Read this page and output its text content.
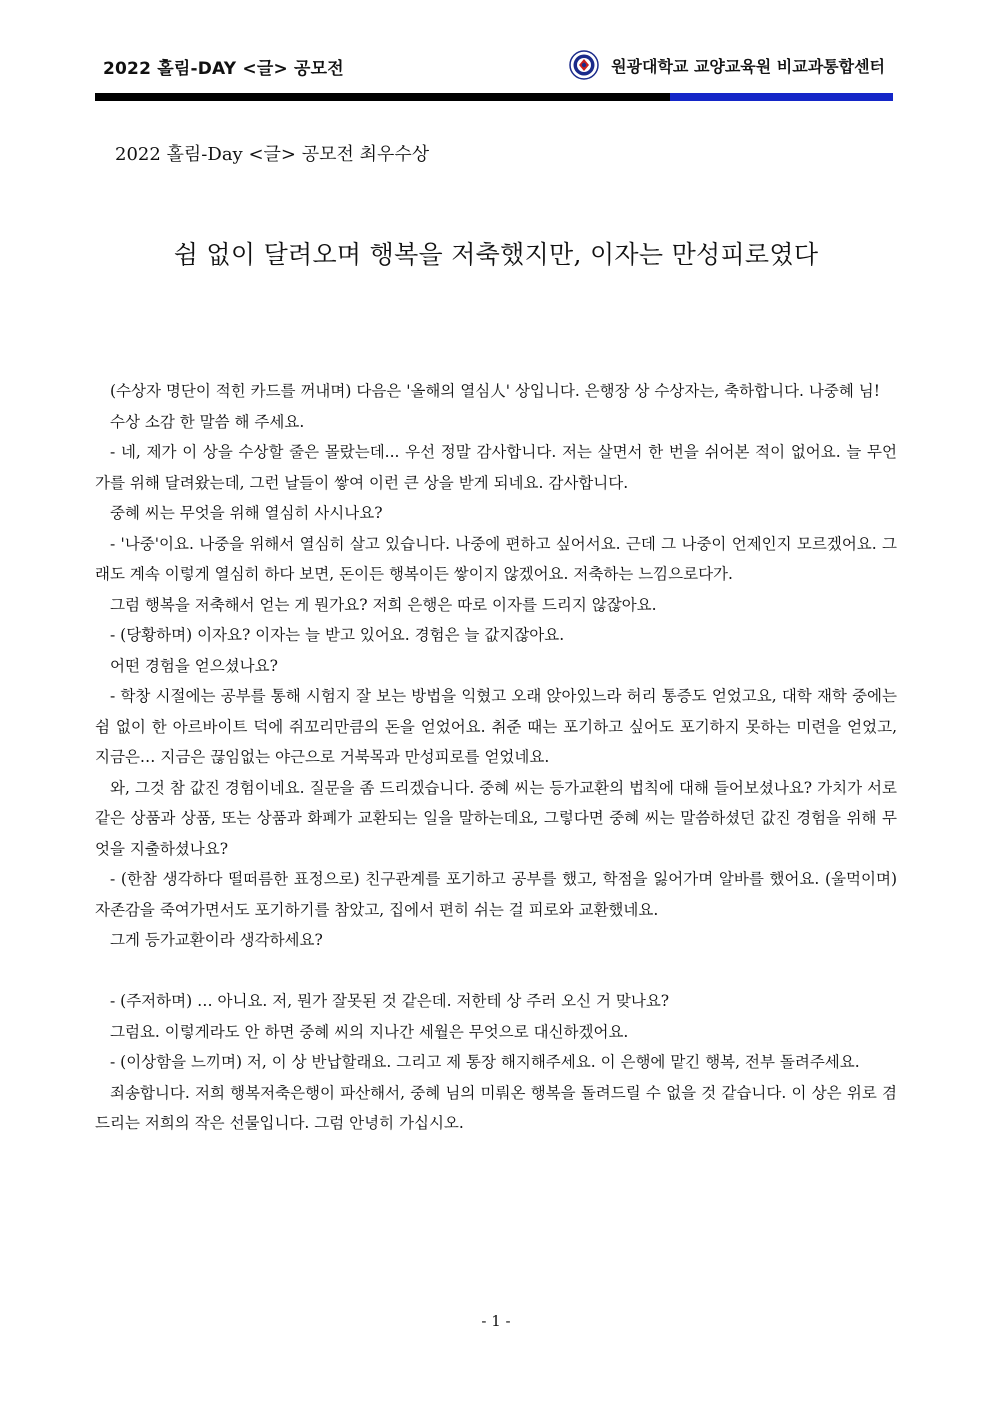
2022 홀림-DAY <글> 공모전	원광대학교 교양교육원 비교과통합센터
2022 홀림-Day <글> 공모전 최우수상
쉼 없이 달려오며 행복을 저축했지만, 이자는 만성피로였다

(수상자 명단이 적힌 카드를 꺼내며) 다음은 '올해의 열심人' 상입니다. 은행장 상 수상자는, 축하합니다. 나중혜 님!

수상 소감 한 말씀 해 주세요.

- 네, 제가 이 상을 수상할 줄은 몰랐는데... 우선 정말 감사합니다. 저는 살면서 한 번을 쉬어본 적이 없어요. 늘 무언가를 위해 달려왔는데, 그런 날들이 쌓여 이런 큰 상을 받게 되네요. 감사합니다.

중혜 씨는 무엇을 위해 열심히 사시나요?

- '나중'이요. 나중을 위해서 열심히 살고 있습니다. 나중에 편하고 싶어서요. 근데 그 나중이 언제인지 모르겠어요. 그래도 계속 이렇게 열심히 하다 보면, 돈이든 행복이든 쌓이지 않겠어요. 저축하는 느낌으로다가.

그럼 행복을 저축해서 얻는 게 뭔가요? 저희 은행은 따로 이자를 드리지 않잖아요.

- (당황하며) 이자요? 이자는 늘 받고 있어요. 경험은 늘 값지잖아요.

어떤 경험을 얻으셨나요?

- 학창 시절에는 공부를 통해 시험지 잘 보는 방법을 익혔고 오래 앉아있느라 허리 통증도 얻었고요, 대학 재학 중에는 쉼 없이 한 아르바이트 덕에 쥐꼬리만큼의 돈을 얻었어요. 취준 때는 포기하고 싶어도 포기하지 못하는 미련을 얻었고, 지금은… 지금은 끊임없는 야근으로 거북목과 만성피로를 얻었네요.

와, 그것 참 값진 경험이네요. 질문을 좀 드리겠습니다. 중혜 씨는 등가교환의 법칙에 대해 들어보셨나요? 가치가 서로 같은 상품과 상품, 또는 상품과 화폐가 교환되는 일을 말하는데요, 그렇다면 중혜 씨는 말씀하셨던 값진 경험을 위해 무엇을 지출하셨나요?

- (한참 생각하다 떨떠름한 표정으로) 친구관계를 포기하고 공부를 했고, 학점을 잃어가며 알바를 했어요. (울먹이며) 자존감을 죽여가면서도 포기하기를 참았고, 집에서 편히 쉬는 걸 피로와 교환했네요.

그게 등가교환이라 생각하세요?

- (주저하며) … 아니요. 저, 뭔가 잘못된 것 같은데. 저한테 상 주러 오신 거 맞나요?

그럼요. 이렇게라도 안 하면 중혜 씨의 지나간 세월은 무엇으로 대신하겠어요.

- (이상함을 느끼며) 저, 이 상 반납할래요. 그리고 제 통장 해지해주세요. 이 은행에 맡긴 행복, 전부 돌려주세요.

죄송합니다. 저희 행복저축은행이 파산해서, 중혜 님의 미뤄온 행복을 돌려드릴 수 없을 것 같습니다. 이 상은 위로 겸 드리는 저희의 작은 선물입니다. 그럼 안녕히 가십시오.

- 1 -
